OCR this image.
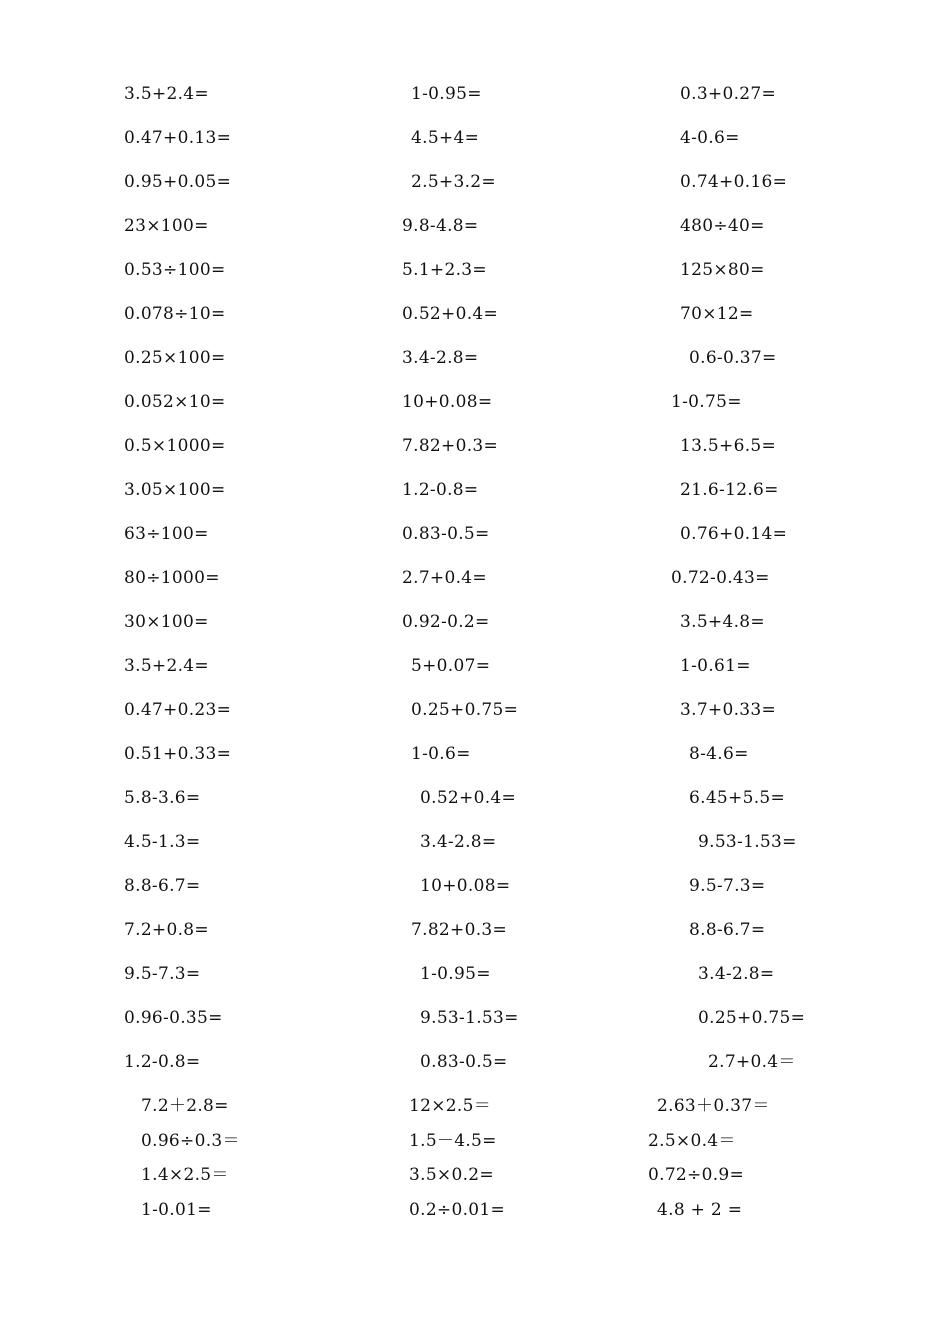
3.5+2.4=	1-0.95=	0.3+0.27=
0.47+0.13=	4.5+4=	4-0.6=
0.95+0.05=	2.5+3.2=	0.74+0.16=
23×100=	9.8-4.8=	480÷40=
0.53÷100=	5.1+2.3=	125×80=
0.078÷10=	0.52+0.4=	70×12=
0.25×100=	3.4-2.8=	0.6-0.37=
0.052×10=	10+0.08=	1-0.75=
0.5×1000=	7.82+0.3=	13.5+6.5=
3.05×100=	1.2-0.8=	21.6-12.6=
63÷100=	0.83-0.5=	0.76+0.14=
80÷1000=	2.7+0.4=	0.72-0.43=
30×100=	0.92-0.2=	3.5+4.8=
3.5+2.4=	5+0.07=	1-0.61=
0.47+0.23=	0.25+0.75=	3.7+0.33=
0.51+0.33=	1-0.6=	8-4.6=
5.8-3.6=	0.52+0.4=	6.45+5.5=
4.5-1.3=	3.4-2.8=	9.53-1.53=
8.8-6.7=	10+0.08=	9.5-7.3=
7.2+0.8=	7.82+0.3=	8.8-6.7=
9.5-7.3=	1-0.95=	3.4-2.8=
0.96-0.35=	9.53-1.53=	0.25+0.75=
1.2-0.8=	0.83-0.5=	2.7+0.4＝
7.2＋2.8=	12×2.5＝	2.63＋0.37＝
0.96÷0.3＝	1.5－4.5=	2.5×0.4＝
1.4×2.5＝	3.5×0.2=	0.72÷0.9=
1-0.01=	0.2÷0.01=	4.8 + 2 =
